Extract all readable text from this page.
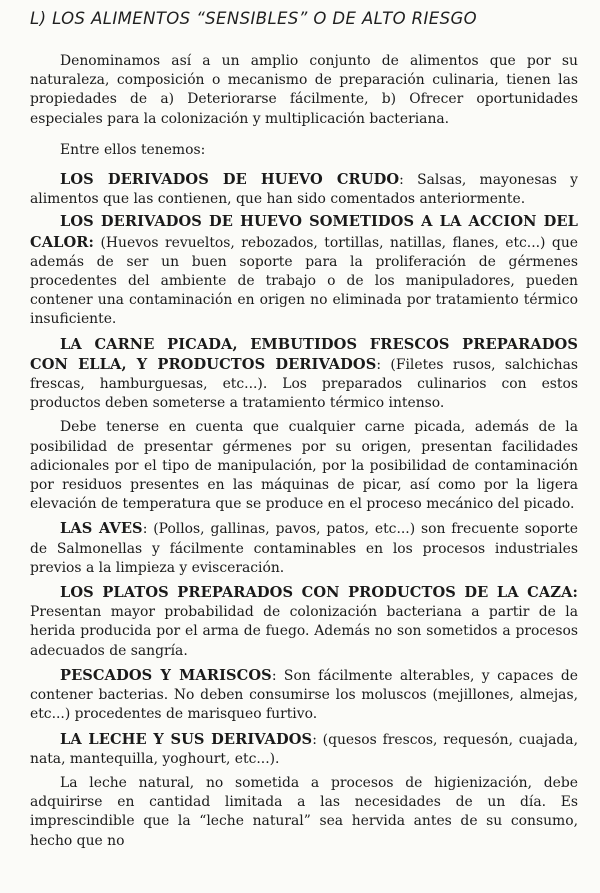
L) LOS ALIMENTOS “SENSIBLES” O DE ALTO RIESGO

Denominamos así a un amplio conjunto de alimentos que por su naturaleza, composición o mecanismo de preparación culinaria, tienen las propiedades de a) Deteriorarse fácilmente, b) Ofrecer oportunidades especiales para la colonización y multiplicación bacteriana.

Entre ellos tenemos:

LOS DERIVADOS DE HUEVO CRUDO: Salsas, mayonesas y alimentos que las contienen, que han sido comentados anteriormente.

LOS DERIVADOS DE HUEVO SOMETIDOS A LA ACCION DEL CALOR: (Huevos revueltos, rebozados, tortillas, natillas, flanes, etc...) que además de ser un buen soporte para la proliferación de gérmenes procedentes del ambiente de trabajo o de los manipuladores, pueden contener una contaminación en origen no eliminada por tratamiento térmico insuficiente.

LA CARNE PICADA, EMBUTIDOS FRESCOS PREPARADOS CON ELLA, Y PRODUCTOS DERIVADOS: (Filetes rusos, salchichas frescas, hamburguesas, etc...). Los preparados culinarios con estos productos deben someterse a tratamiento térmico intenso.

Debe tenerse en cuenta que cualquier carne picada, además de la posibilidad de presentar gérmenes por su origen, presentan facilidades adicionales por el tipo de manipulación, por la posibilidad de contaminación por residuos presentes en las máquinas de picar, así como por la ligera elevación de temperatura que se produce en el proceso mecánico del picado.

LAS AVES: (Pollos, gallinas, pavos, patos, etc...) son frecuente soporte de Salmonellas y fácilmente contaminables en los procesos industriales previos a la limpieza y evisceración.

LOS PLATOS PREPARADOS CON PRODUCTOS DE LA CAZA: Presentan mayor probabilidad de colonización bacteriana a partir de la herida producida por el arma de fuego. Además no son sometidos a procesos adecuados de sangría.

PESCADOS Y MARISCOS: Son fácilmente alterables, y capaces de contener bacterias. No deben consumirse los moluscos (mejillones, almejas, etc...) procedentes de marisqueo furtivo.

LA LECHE Y SUS DERIVADOS: (quesos frescos, requesón, cuajada, nata, mantequilla, yoghourt, etc...).

La leche natural, no sometida a procesos de higienización, debe adquirirse en cantidad limitada a las necesidades de un día. Es imprescindible que la “leche natural” sea hervida antes de su consumo, hecho que no
